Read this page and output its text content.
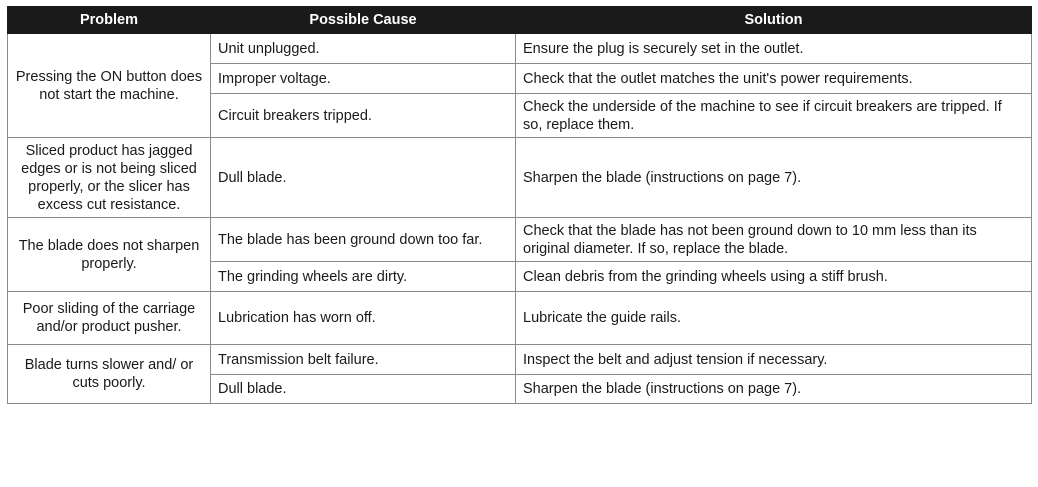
Problem	Possible Cause	Solution
Pressing the ON button does not start the machine.	Unit unplugged.	Ensure the plug is securely set in the outlet.
	Improper voltage.	Check that the outlet matches the unit's power requirements.
	Circuit breakers tripped.	Check the underside of the machine to see if circuit breakers are tripped. If so, replace them.
Sliced product has jagged edges or is not being sliced properly, or the slicer has excess cut resistance.	Dull blade.	Sharpen the blade (instructions on page 7).
The blade does not sharpen properly.	The blade has been ground down too far.	Check that the blade has not been ground down to 10 mm less than its original diameter. If so, replace the blade.
	The grinding wheels are dirty.	Clean debris from the grinding wheels using a stiff brush.
Poor sliding of the carriage and/or product pusher.	Lubrication has worn off.	Lubricate the guide rails.
Blade turns slower and/ or cuts poorly.	Transmission belt failure.	Inspect the belt and adjust tension if necessary.
	Dull blade.	Sharpen the blade (instructions on page 7).
